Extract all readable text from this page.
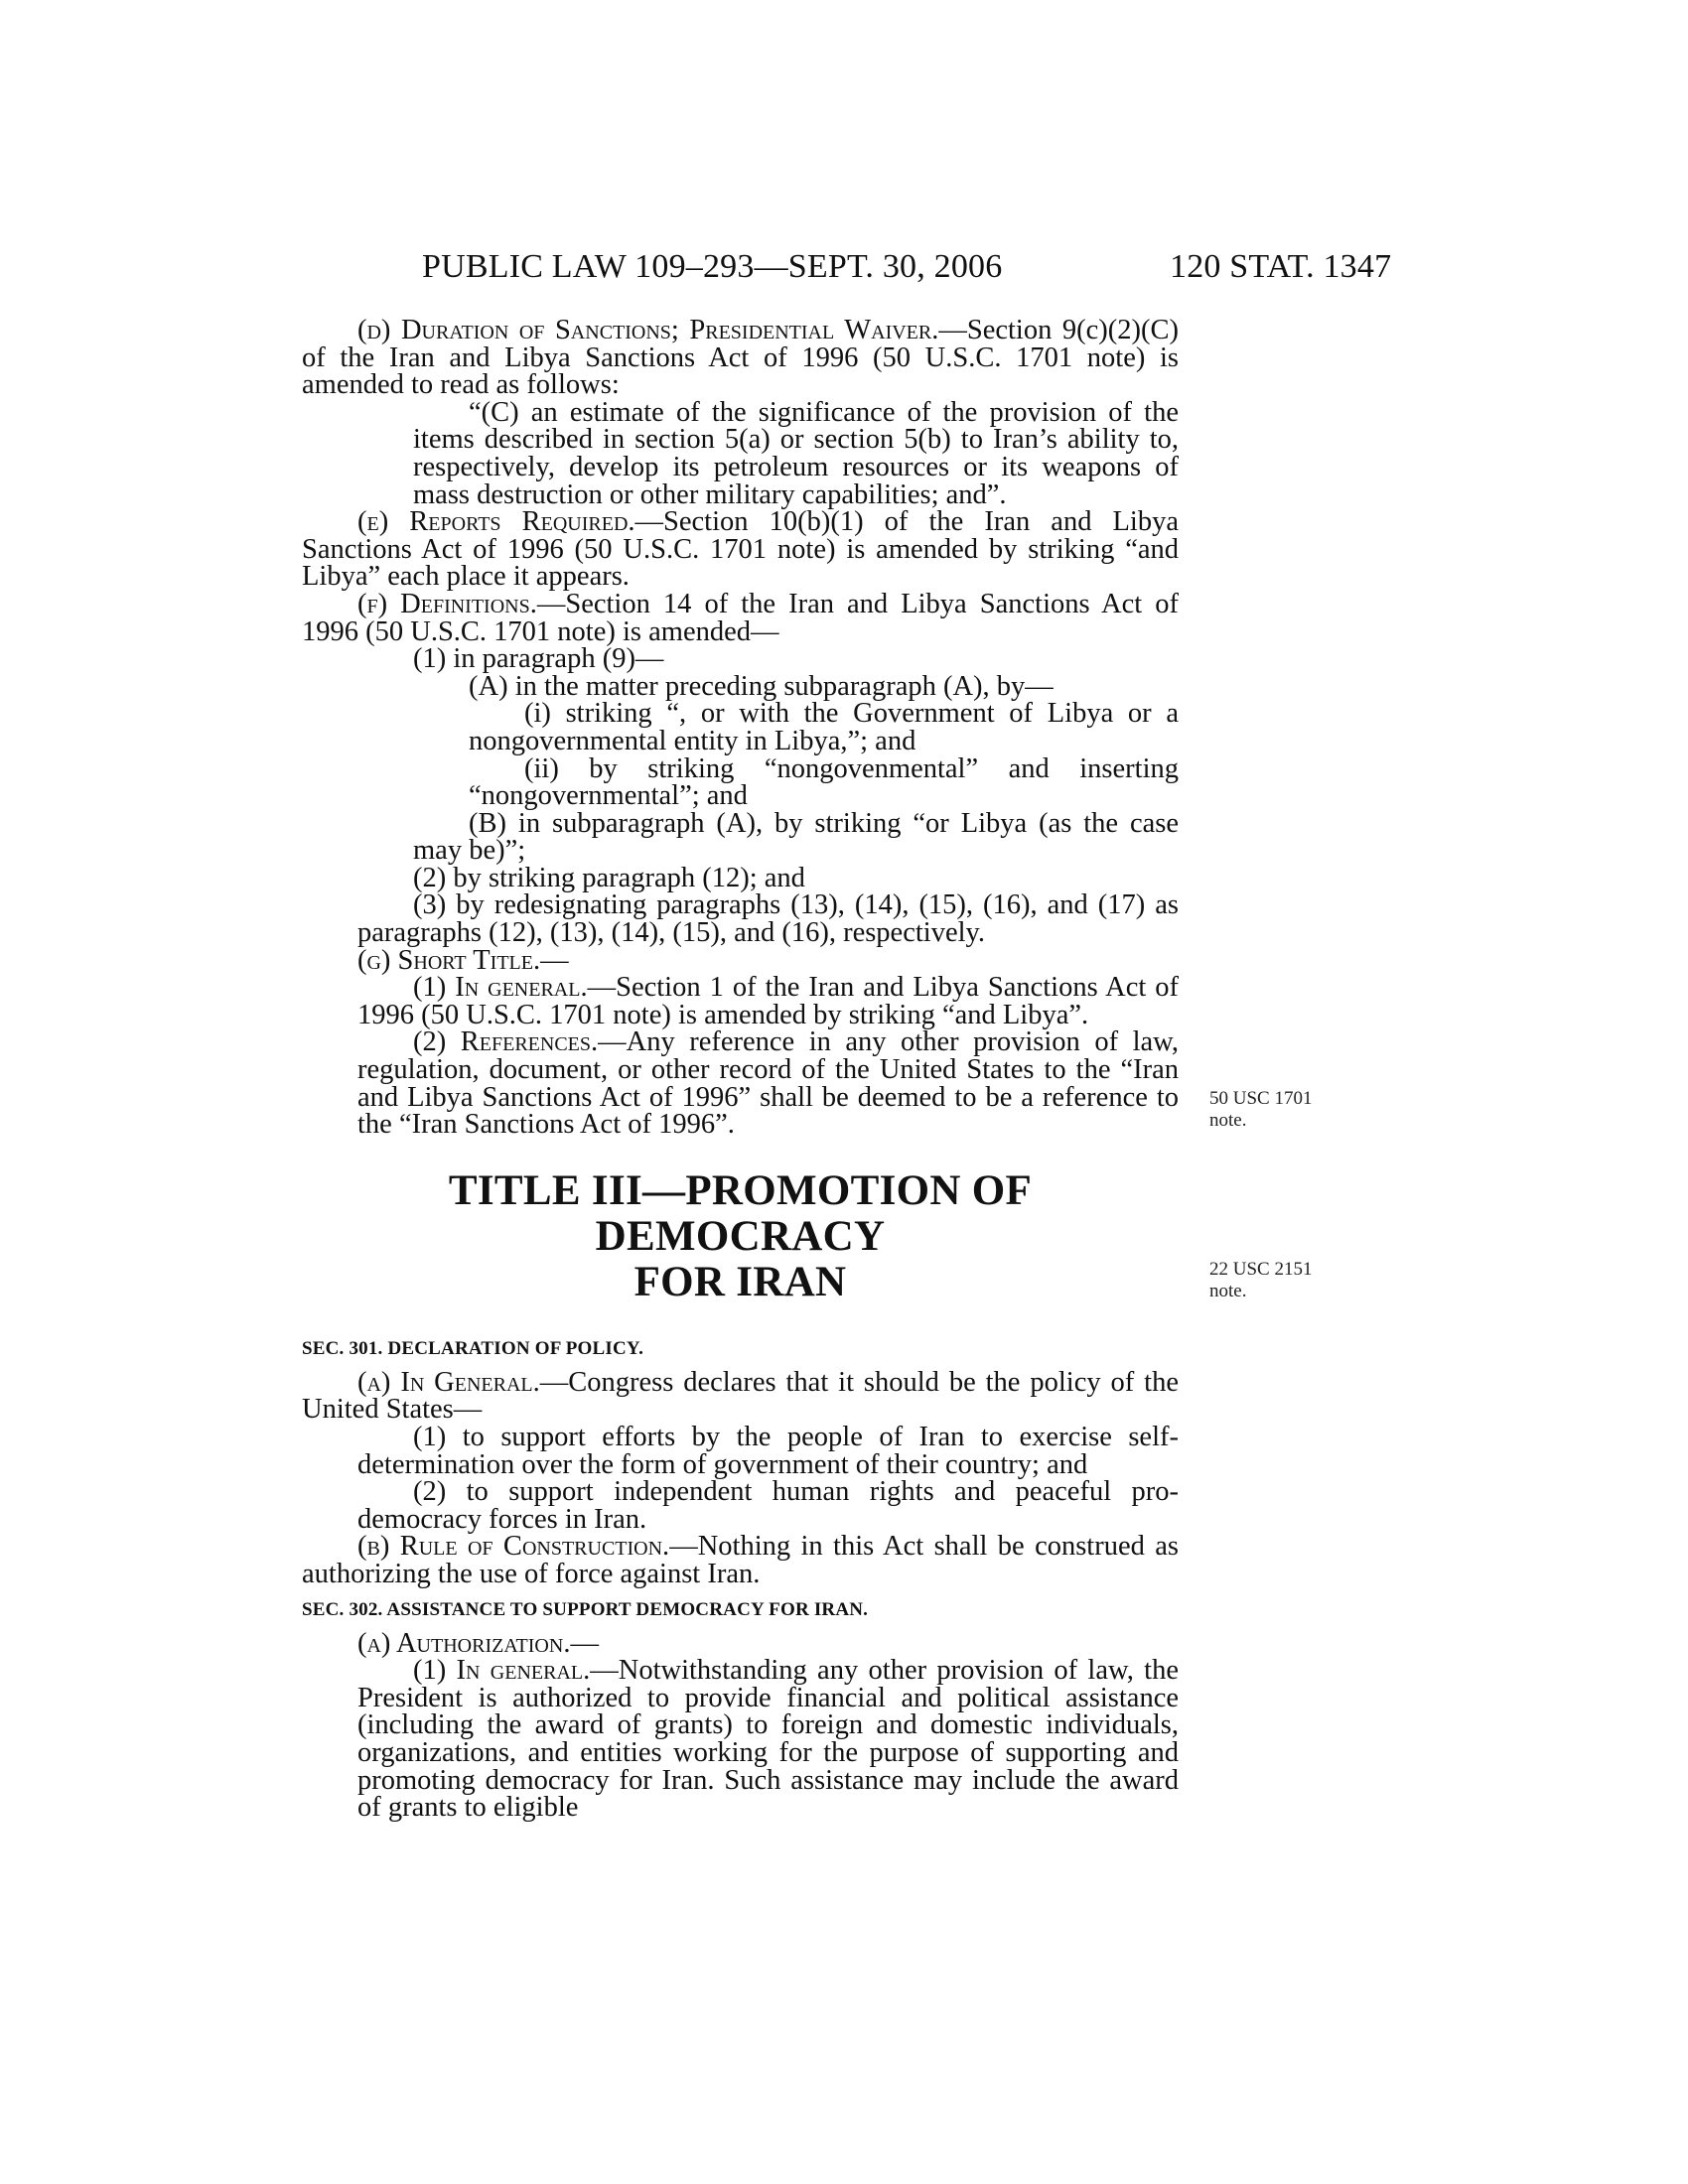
PUBLIC LAW 109–293—SEPT. 30, 2006	120 STAT. 1347
50 USC 1701
note.
22 USC 2151
note.

(d) Duration of Sanctions; Presidential Waiver.—Section 9(c)(2)(C) of the Iran and Libya Sanctions Act of 1996 (50 U.S.C. 1701 note) is amended to read as follows:

“(C) an estimate of the significance of the provision of the items described in section 5(a) or section 5(b) to Iran’s ability to, respectively, develop its petroleum resources or its weapons of mass destruction or other military capabilities; and”.

(e) Reports Required.—Section 10(b)(1) of the Iran and Libya Sanctions Act of 1996 (50 U.S.C. 1701 note) is amended by striking “and Libya” each place it appears.

(f) Definitions.—Section 14 of the Iran and Libya Sanctions Act of 1996 (50 U.S.C. 1701 note) is amended—

(1) in paragraph (9)—

(A) in the matter preceding subparagraph (A), by—

(i) striking “, or with the Government of Libya or a nongovernmental entity in Libya,”; and

(ii) by striking “nongovenmental” and inserting “nongovernmental”; and

(B) in subparagraph (A), by striking “or Libya (as the case may be)”;

(2) by striking paragraph (12); and

(3) by redesignating paragraphs (13), (14), (15), (16), and (17) as paragraphs (12), (13), (14), (15), and (16), respectively.

(g) Short Title.—

(1) In general.—Section 1 of the Iran and Libya Sanctions Act of 1996 (50 U.S.C. 1701 note) is amended by striking “and Libya”.

(2) References.—Any reference in any other provision of law, regulation, document, or other record of the United States to the “Iran and Libya Sanctions Act of 1996” shall be deemed to be a reference to the “Iran Sanctions Act of 1996”.

TITLE III—PROMOTION OF DEMOCRACY
FOR IRAN

SEC. 301. DECLARATION OF POLICY.

(a) In General.—Congress declares that it should be the policy of the United States—

(1) to support efforts by the people of Iran to exercise self-determination over the form of government of their country; and

(2) to support independent human rights and peaceful pro-democracy forces in Iran.

(b) Rule of Construction.—Nothing in this Act shall be construed as authorizing the use of force against Iran.

SEC. 302. ASSISTANCE TO SUPPORT DEMOCRACY FOR IRAN.

(a) Authorization.—

(1) In general.—Notwithstanding any other provision of law, the President is authorized to provide financial and political assistance (including the award of grants) to foreign and domestic individuals, organizations, and entities working for the purpose of supporting and promoting democracy for Iran. Such assistance may include the award of grants to eligible
